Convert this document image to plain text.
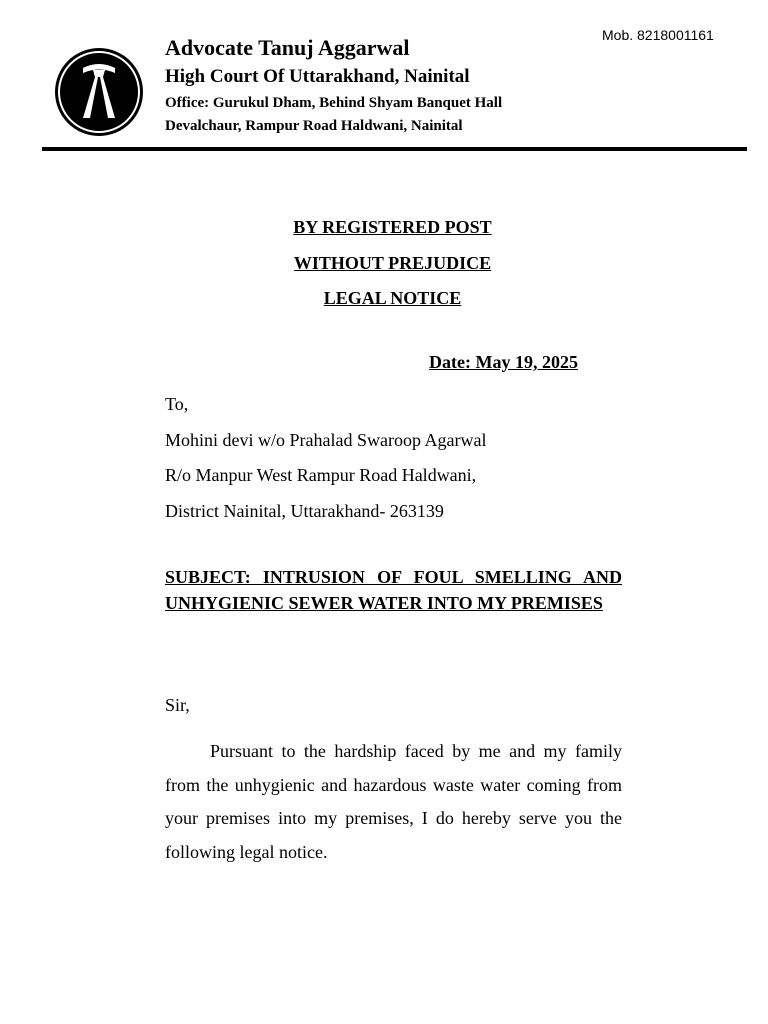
Mob. 8218001161
Advocate Tanuj Aggarwal
High Court Of Uttarakhand, Nainital
Office: Gurukul Dham, Behind Shyam Banquet Hall
Devalchaur, Rampur Road Haldwani, Nainital
BY REGISTERED POST
WITHOUT PREJUDICE
LEGAL NOTICE
Date: May 19, 2025
To,
Mohini devi w/o Prahalad Swaroop Agarwal
R/o Manpur West Rampur Road Haldwani,
District Nainital, Uttarakhand- 263139
SUBJECT: INTRUSION OF FOUL SMELLING AND UNHYGIENIC SEWER WATER INTO MY PREMISES
Sir,
Pursuant to the hardship faced by me and my family from the unhygienic and hazardous waste water coming from your premises into my premises, I do hereby serve you the following legal notice.
